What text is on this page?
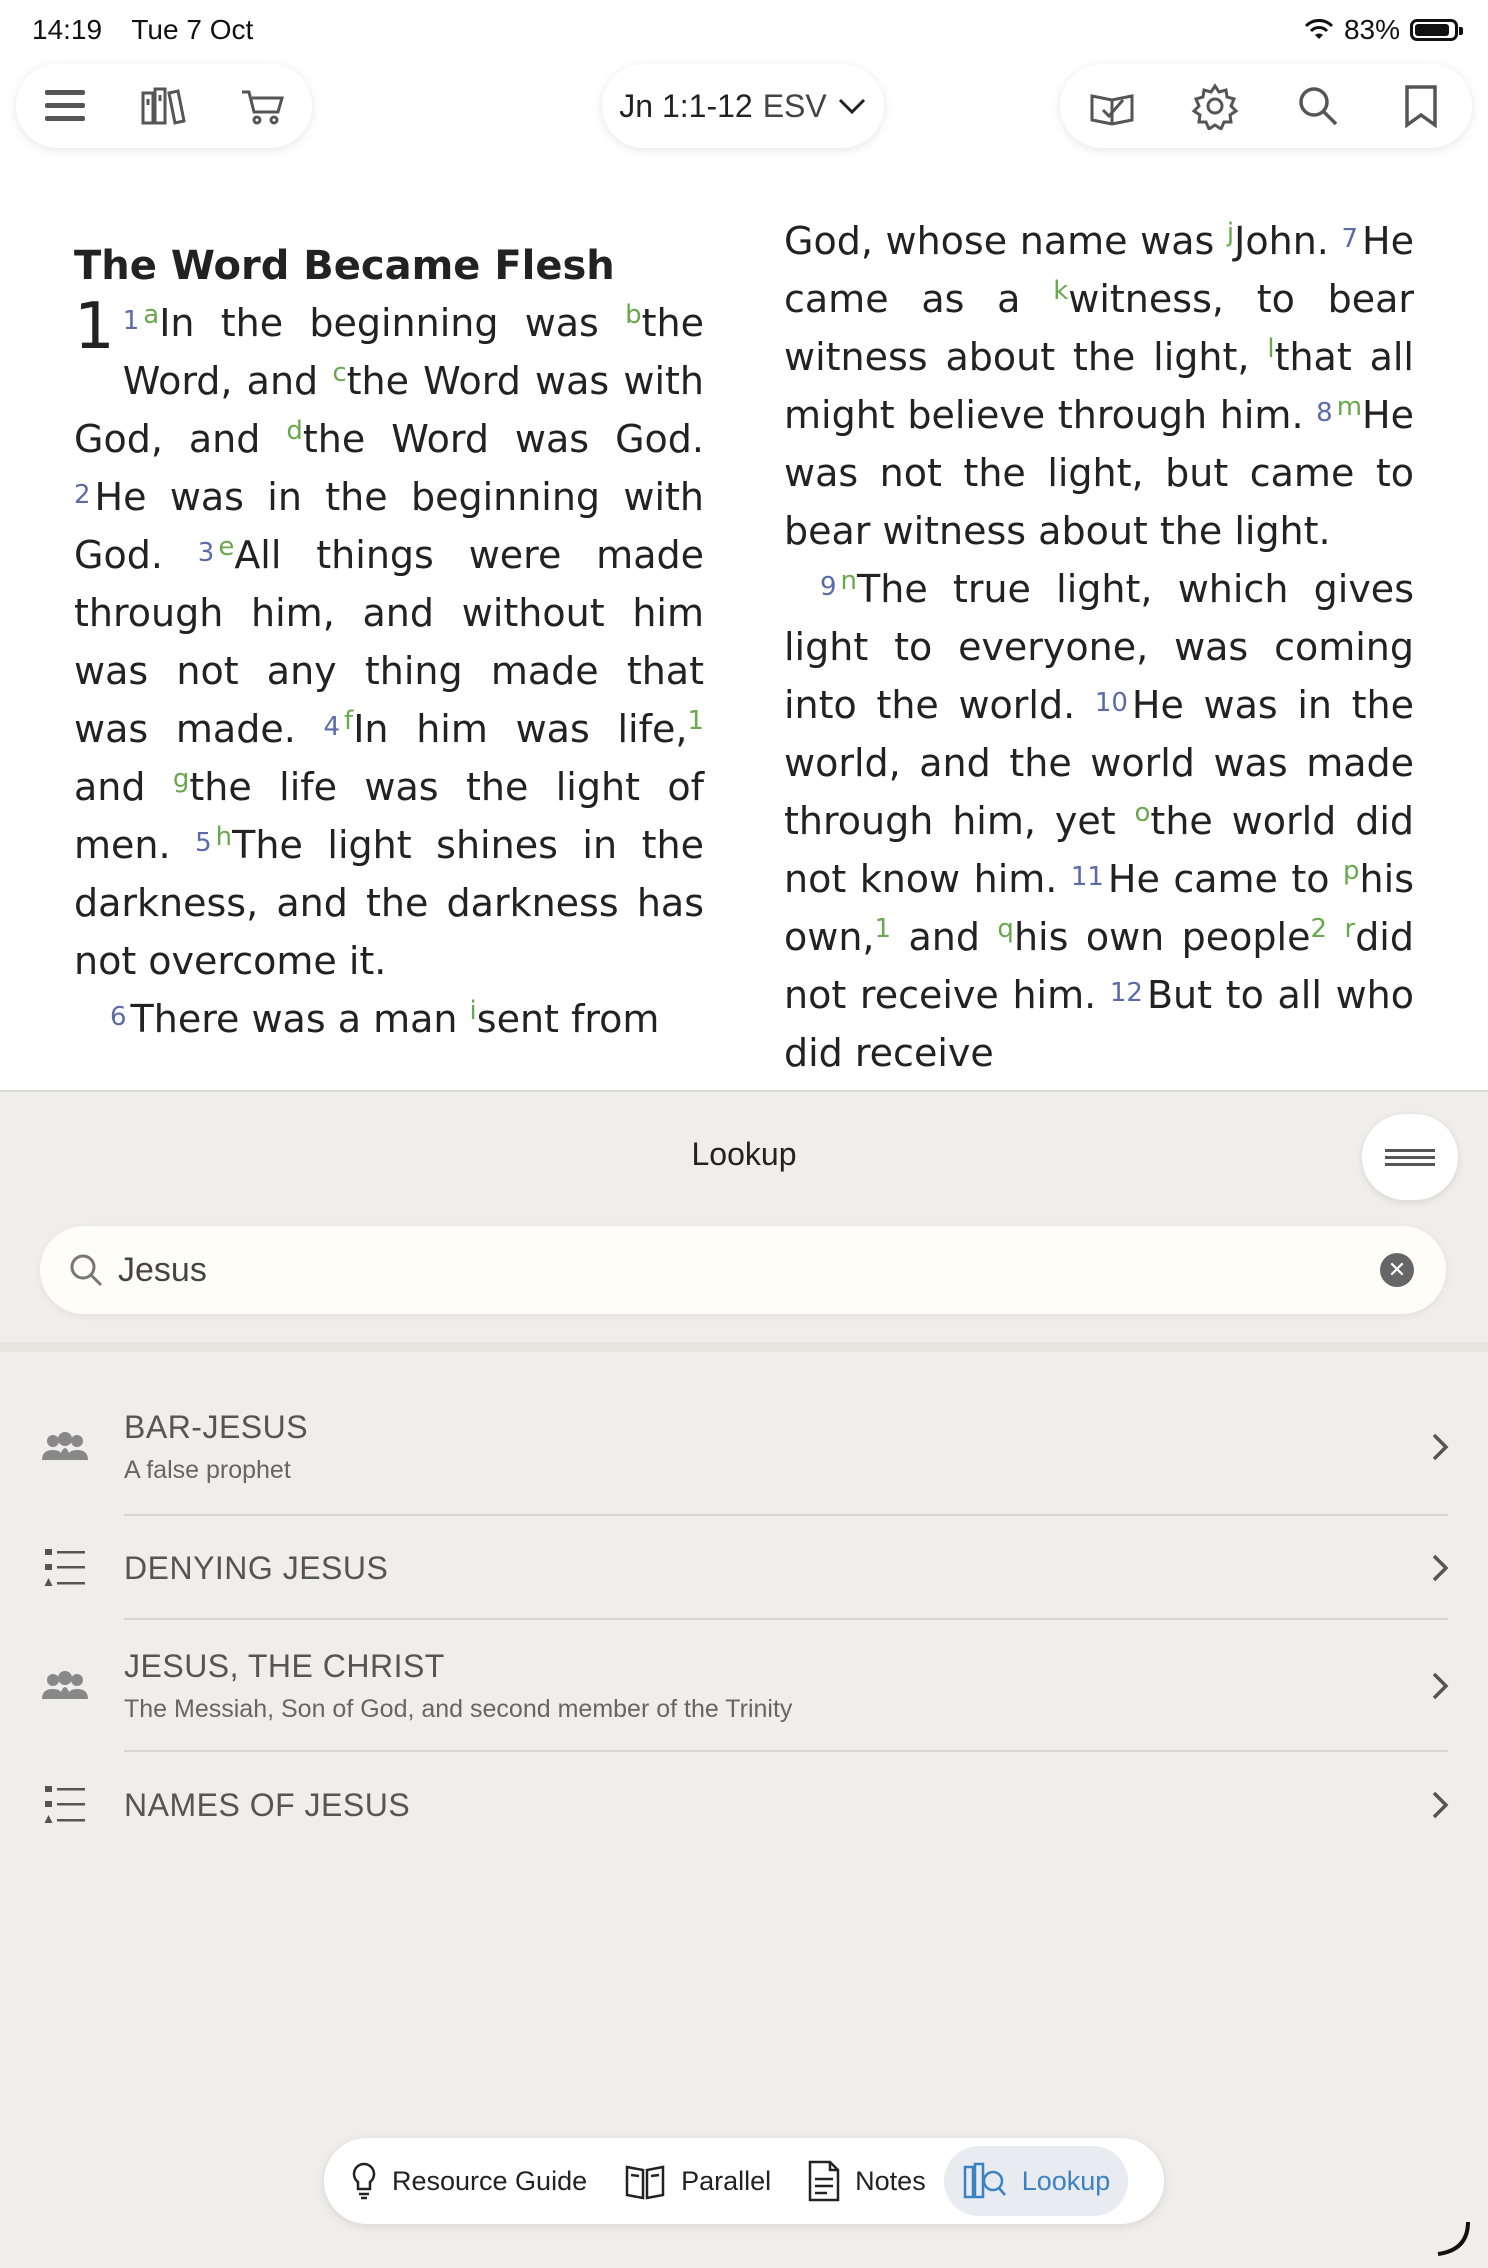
14:19 Tue 7 Oct	83%
Jn 1:1-12 ESV
The Word Became Flesh
1 $^1$ $^a$In the beginning was $^b$the Word, and $^c$the Word was with God, and $^d$the Word was God. $^2$ He was in the beginning with God. $^3$ $^e$All things were made through him, and without him was not any thing made that was made. $^4$ $^f$In him was life,$^1$ and $^g$the life was the light of men. $^5$ $^h$The light shines in the darkness, and the darkness has not overcome it.
$^6$ There was a man $^i$sent from
God, whose name was $^j$John. $^7$ He came as a $^k$witness, to bear witness about the light, $^l$that all might believe through him. $^8$ $^m$He was not the light, but came to bear witness about the light.
$^9$ $^n$The true light, which gives light to everyone, was coming into the world. $^{10}$ He was in the world, and the world was made through him, yet $^o$the world did not know him. $^{11}$ He came to $^p$his own,$^1$ and $^q$his own people$^2$ $^r$did not receive him. $^{12}$ But to all who did receive
Lookup
Jesus
✕
BAR-JESUS
A false prophet
DENYING JESUS
JESUS, THE CHRIST
The Messiah, Son of God, and second member of the Trinity
NAMES OF JESUS
Resource Guide	Parallel	Notes	Lookup
